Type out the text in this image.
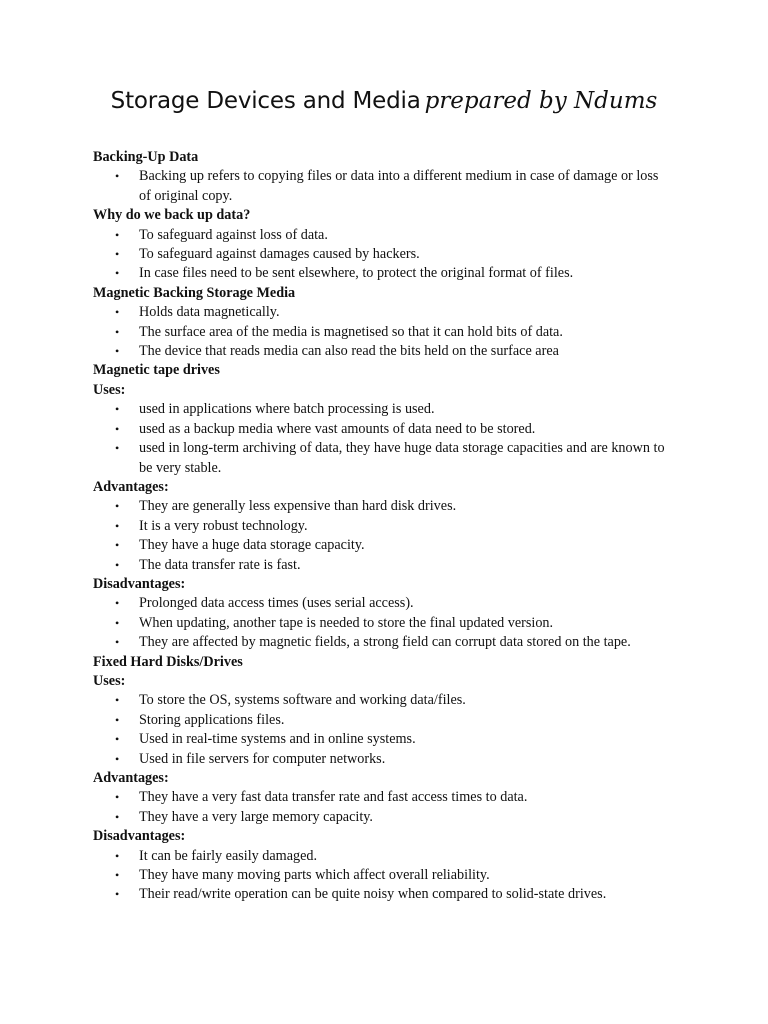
Storage Devices and Media prepared by Ndums
Backing-Up Data
• Backing up refers to copying files or data into a different medium in case of damage or loss of original copy.
Why do we back up data?
• To safeguard against loss of data.
• To safeguard against damages caused by hackers.
• In case files need to be sent elsewhere, to protect the original format of files.
Magnetic Backing Storage Media
• Holds data magnetically.
• The surface area of the media is magnetised so that it can hold bits of data.
• The device that reads media can also read the bits held on the surface area
Magnetic tape drives
Uses:
• used in applications where batch processing is used.
• used as a backup media where vast amounts of data need to be stored.
• used in long-term archiving of data, they have huge data storage capacities and are known to be very stable.
Advantages:
• They are generally less expensive than hard disk drives.
• It is a very robust technology.
• They have a huge data storage capacity.
• The data transfer rate is fast.
Disadvantages:
• Prolonged data access times (uses serial access).
• When updating, another tape is needed to store the final updated version.
• They are affected by magnetic fields, a strong field can corrupt data stored on the tape.
Fixed Hard Disks/Drives
Uses:
• To store the OS, systems software and working data/files.
• Storing applications files.
• Used in real-time systems and in online systems.
• Used in file servers for computer networks.
Advantages:
• They have a very fast data transfer rate and fast access times to data.
• They have a very large memory capacity.
Disadvantages:
• It can be fairly easily damaged.
• They have many moving parts which affect overall reliability.
• Their read/write operation can be quite noisy when compared to solid-state drives.
